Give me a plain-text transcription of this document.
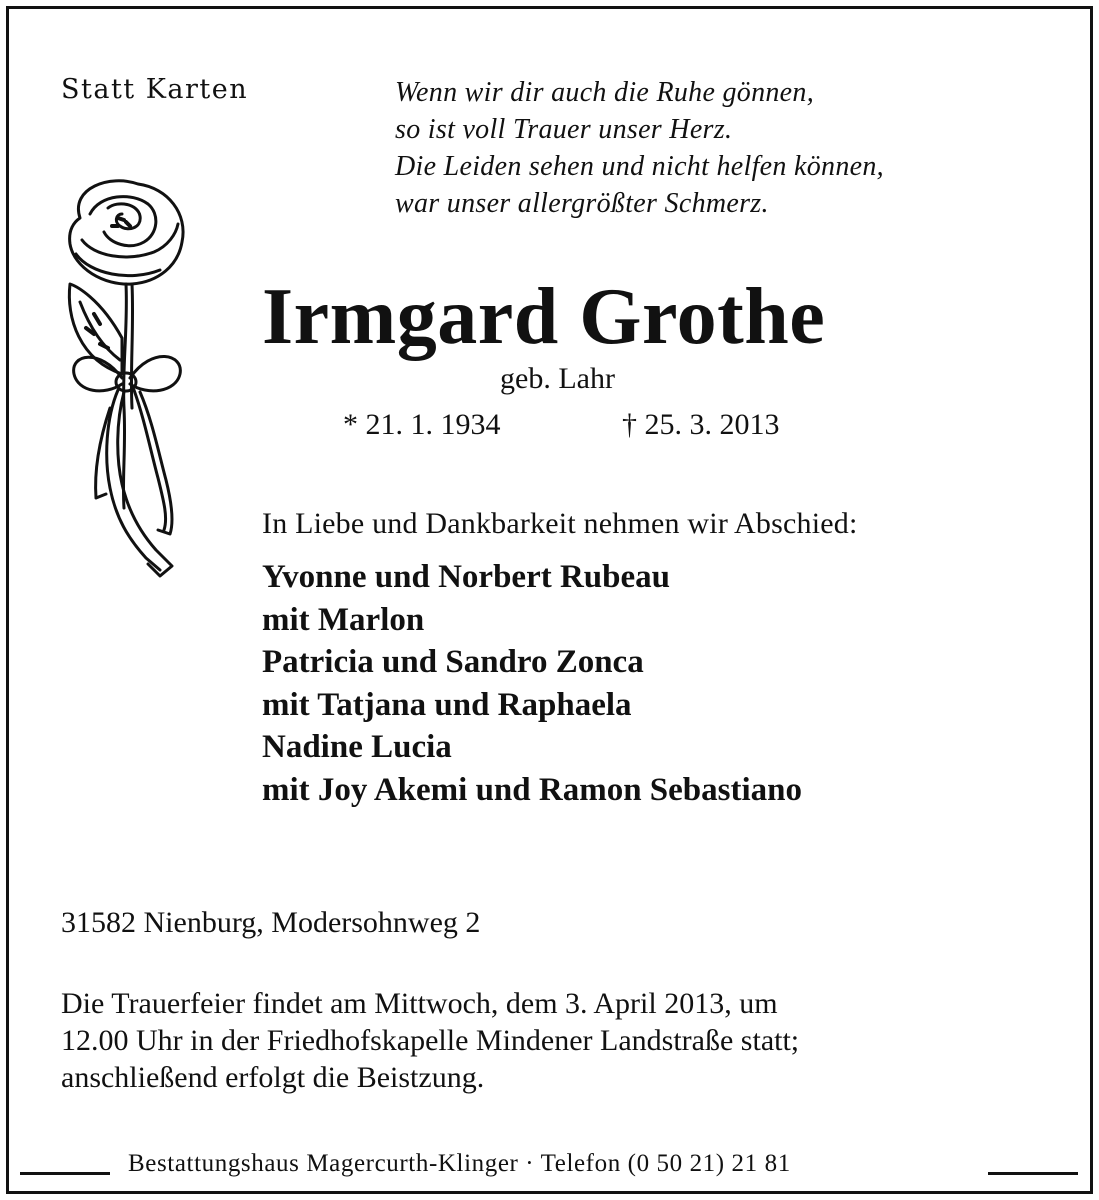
Statt Karten	Wenn wir dir auch die Ruhe gönnen,
so ist voll Trauer unser Herz.
Die Leiden sehen und nicht helfen können,
war unser allergrößter Schmerz.
Irmgard Grothe
geb. Lahr
* 21. 1. 1934	† 25. 3. 2013
In Liebe und Dankbarkeit nehmen wir Abschied:
Yvonne und Norbert Rubeau
mit Marlon
Patricia und Sandro Zonca
mit Tatjana und Raphaela
Nadine Lucia
mit Joy Akemi und Ramon Sebastiano
31582 Nienburg, Modersohnweg 2
Die Trauerfeier findet am Mittwoch, dem 3. April 2013, um
12.00 Uhr in der Friedhofskapelle Mindener Landstraße statt;
anschließend erfolgt die Beistzung.
Bestattungshaus Magercurth-Klinger · Telefon (0 50 21) 21 81
